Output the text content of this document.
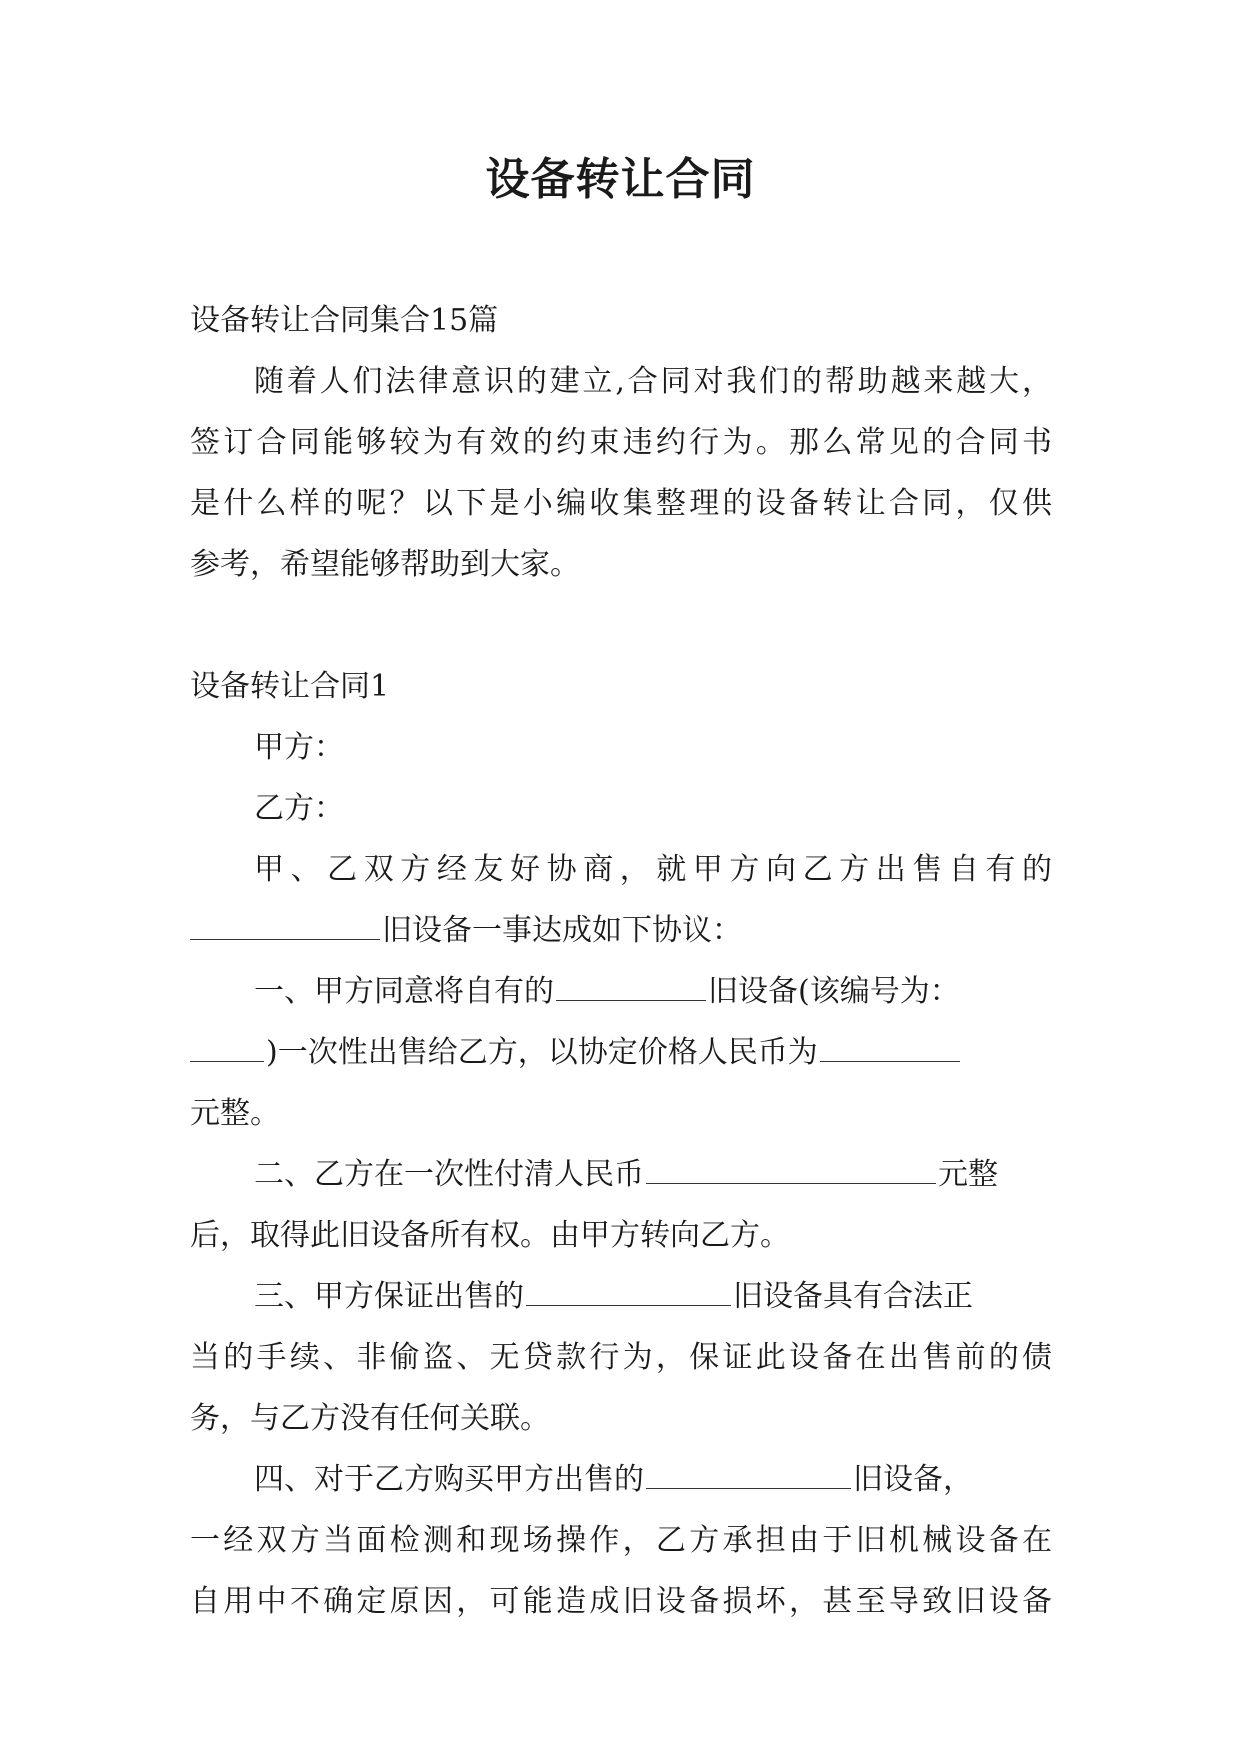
设备转让合同
设备转让合同集合15篇
随着人们法律意识的建立,合同对我们的帮助越来越大，
签订合同能够较为有效的约束违约行为。那么常见的合同书
是什么样的呢？以下是小编收集整理的设备转让合同，仅供
参考，希望能够帮助到大家。
设备转让合同1
甲方：
乙方：
甲、乙双方经友好协商，就甲方向乙方出售自有的
旧设备一事达成如下协议：
一、甲方同意将自有的	旧设备(该编号为：
)一次性出售给乙方，以协定价格人民币为
元整。
二、乙方在一次性付清人民币	元整
后，取得此旧设备所有权。由甲方转向乙方。
三、甲方保证出售的	旧设备具有合法正
当的手续、非偷盗、无贷款行为，保证此设备在出售前的债
务，与乙方没有任何关联。
四、对于乙方购买甲方出售的	旧设备，
一经双方当面检测和现场操作，乙方承担由于旧机械设备在
自用中不确定原因，可能造成旧设备损坏，甚至导致旧设备
